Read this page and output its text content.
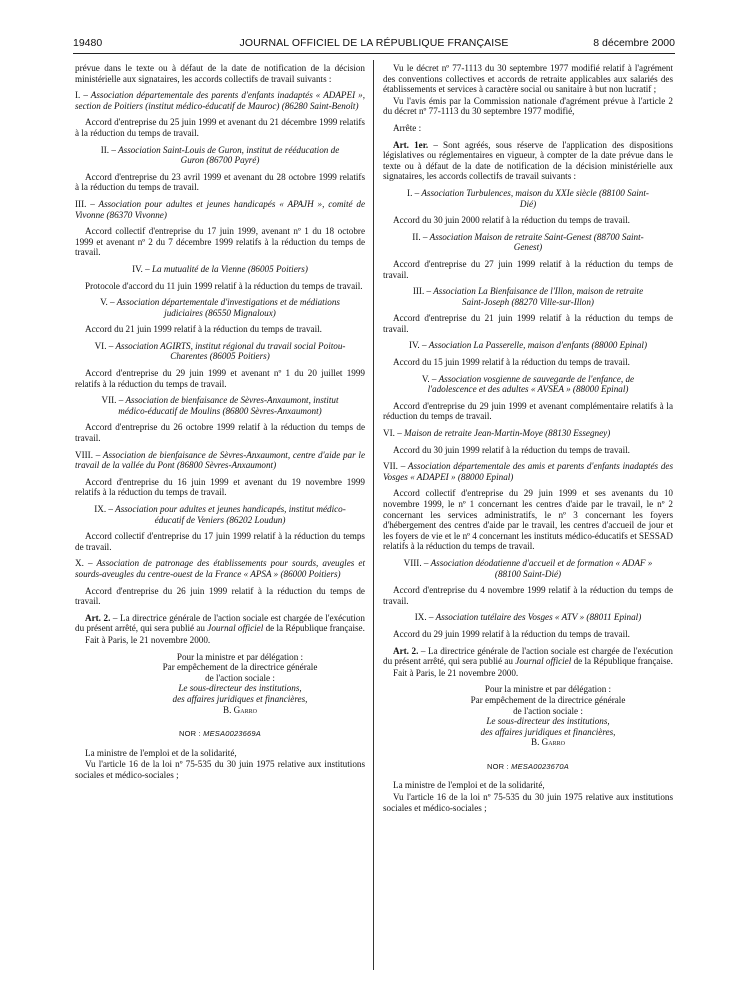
19480	JOURNAL OFFICIEL DE LA RÉPUBLIQUE FRANÇAISE	8 décembre 2000

prévue dans le texte ou à défaut de la date de notification de la décision ministérielle aux signataires, les accords collectifs de travail suivants :

I. – Association départementale des parents d'enfants inadaptés « ADAPEI », section de Poitiers (institut médico-éducatif de Mauroc) (86280 Saint-Benoît)

Accord d'entreprise du 25 juin 1999 et avenant du 21 décembre 1999 relatifs à la réduction du temps de travail.

II. – Association Saint-Louis de Guron, institut de rééducation de Guron (86700 Payré)

Accord d'entreprise du 23 avril 1999 et avenant du 28 octobre 1999 relatifs à la réduction du temps de travail.

III. – Association pour adultes et jeunes handicapés « APAJH », comité de Vivonne (86370 Vivonne)

Accord collectif d'entreprise du 17 juin 1999, avenant nº 1 du 18 octobre 1999 et avenant nº 2 du 7 décembre 1999 relatifs à la réduction du temps de travail.

IV. – La mutualité de la Vienne (86005 Poitiers)

Protocole d'accord du 11 juin 1999 relatif à la réduction du temps de travail.

V. – Association départementale d'investigations et de médiations judiciaires (86550 Mignaloux)

Accord du 21 juin 1999 relatif à la réduction du temps de travail.

VI. – Association AGIRTS, institut régional du travail social Poitou-Charentes (86005 Poitiers)

Accord d'entreprise du 29 juin 1999 et avenant nº 1 du 20 juillet 1999 relatifs à la réduction du temps de travail.

VII. – Association de bienfaisance de Sèvres-Anxaumont, institut médico-éducatif de Moulins (86800 Sèvres-Anxaumont)

Accord d'entreprise du 26 octobre 1999 relatif à la réduction du temps de travail.

VIII. – Association de bienfaisance de Sèvres-Anxaumont, centre d'aide par le travail de la vallée du Pont (86800 Sèvres-Anxaumont)

Accord d'entreprise du 16 juin 1999 et avenant du 19 novembre 1999 relatifs à la réduction du temps de travail.

IX. – Association pour adultes et jeunes handicapés, institut médico-éducatif de Veniers (86202 Loudun)

Accord collectif d'entreprise du 17 juin 1999 relatif à la réduction du temps de travail.

X. – Association de patronage des établissements pour sourds, aveugles et sourds-aveugles du centre-ouest de la France « APSA » (86000 Poitiers)

Accord d'entreprise du 26 juin 1999 relatif à la réduction du temps de travail.

Art. 2. – La directrice générale de l'action sociale est chargée de l'exécution du présent arrêté, qui sera publié au Journal officiel de la République française.

Fait à Paris, le 21 novembre 2000.

Pour la ministre et par délégation :
Par empêchement de la directrice générale
de l'action sociale :
Le sous-directeur des institutions,
des affaires juridiques et financières,
B. Garro
NOR : MESA0023669A

La ministre de l'emploi et de la solidarité,

Vu l'article 16 de la loi nº 75-535 du 30 juin 1975 relative aux institutions sociales et médico-sociales ;

Vu le décret nº 77-1113 du 30 septembre 1977 modifié relatif à l'agrément des conventions collectives et accords de retraite applicables aux salariés des établissements et services à caractère social ou sanitaire à but non lucratif ;

Vu l'avis émis par la Commission nationale d'agrément prévue à l'article 2 du décret nº 77-1113 du 30 septembre 1977 modifié,

Arrête :

Art. 1er. – Sont agréés, sous réserve de l'application des dispositions législatives ou réglementaires en vigueur, à compter de la date prévue dans le texte ou à défaut de la date de notification de la décision ministérielle aux signataires, les accords collectifs de travail suivants :

I. – Association Turbulences, maison du XXIe siècle (88100 Saint-Dié)

Accord du 30 juin 2000 relatif à la réduction du temps de travail.

II. – Association Maison de retraite Saint-Genest (88700 Saint-Genest)

Accord d'entreprise du 27 juin 1999 relatif à la réduction du temps de travail.

III. – Association La Bienfaisance de l'Illon, maison de retraite Saint-Joseph (88270 Ville-sur-Illon)

Accord d'entreprise du 21 juin 1999 relatif à la réduction du temps de travail.

IV. – Association La Passerelle, maison d'enfants (88000 Epinal)

Accord du 15 juin 1999 relatif à la réduction du temps de travail.

V. – Association vosgienne de sauvegarde de l'enfance, de l'adolescence et des adultes « AVSEA » (88000 Epinal)

Accord d'entreprise du 29 juin 1999 et avenant complémentaire relatifs à la réduction du temps de travail.

VI. – Maison de retraite Jean-Martin-Moye (88130 Essegney)

Accord du 30 juin 1999 relatif à la réduction du temps de travail.

VII. – Association départementale des amis et parents d'enfants inadaptés des Vosges « ADAPEI » (88000 Epinal)

Accord collectif d'entreprise du 29 juin 1999 et ses avenants du 10 novembre 1999, le nº 1 concernant les centres d'aide par le travail, le nº 2 concernant les services administratifs, le nº 3 concernant les foyers d'hébergement des centres d'aide par le travail, les centres d'accueil de jour et les foyers de vie et le nº 4 concernant les instituts médico-éducatifs et SESSAD relatifs à la réduction du temps de travail.

VIII. – Association déodatienne d'accueil et de formation « ADAF » (88100 Saint-Dié)

Accord d'entreprise du 4 novembre 1999 relatif à la réduction du temps de travail.

IX. – Association tutélaire des Vosges « ATV » (88011 Epinal)

Accord du 29 juin 1999 relatif à la réduction du temps de travail.

Art. 2. – La directrice générale de l'action sociale est chargée de l'exécution du présent arrêté, qui sera publié au Journal officiel de la République française.

Fait à Paris, le 21 novembre 2000.

Pour la ministre et par délégation :
Par empêchement de la directrice générale
de l'action sociale :
Le sous-directeur des institutions,
des affaires juridiques et financières,
B. Garro
NOR : MESA0023670A

La ministre de l'emploi et de la solidarité,

Vu l'article 16 de la loi nº 75-535 du 30 juin 1975 relative aux institutions sociales et médico-sociales ;
